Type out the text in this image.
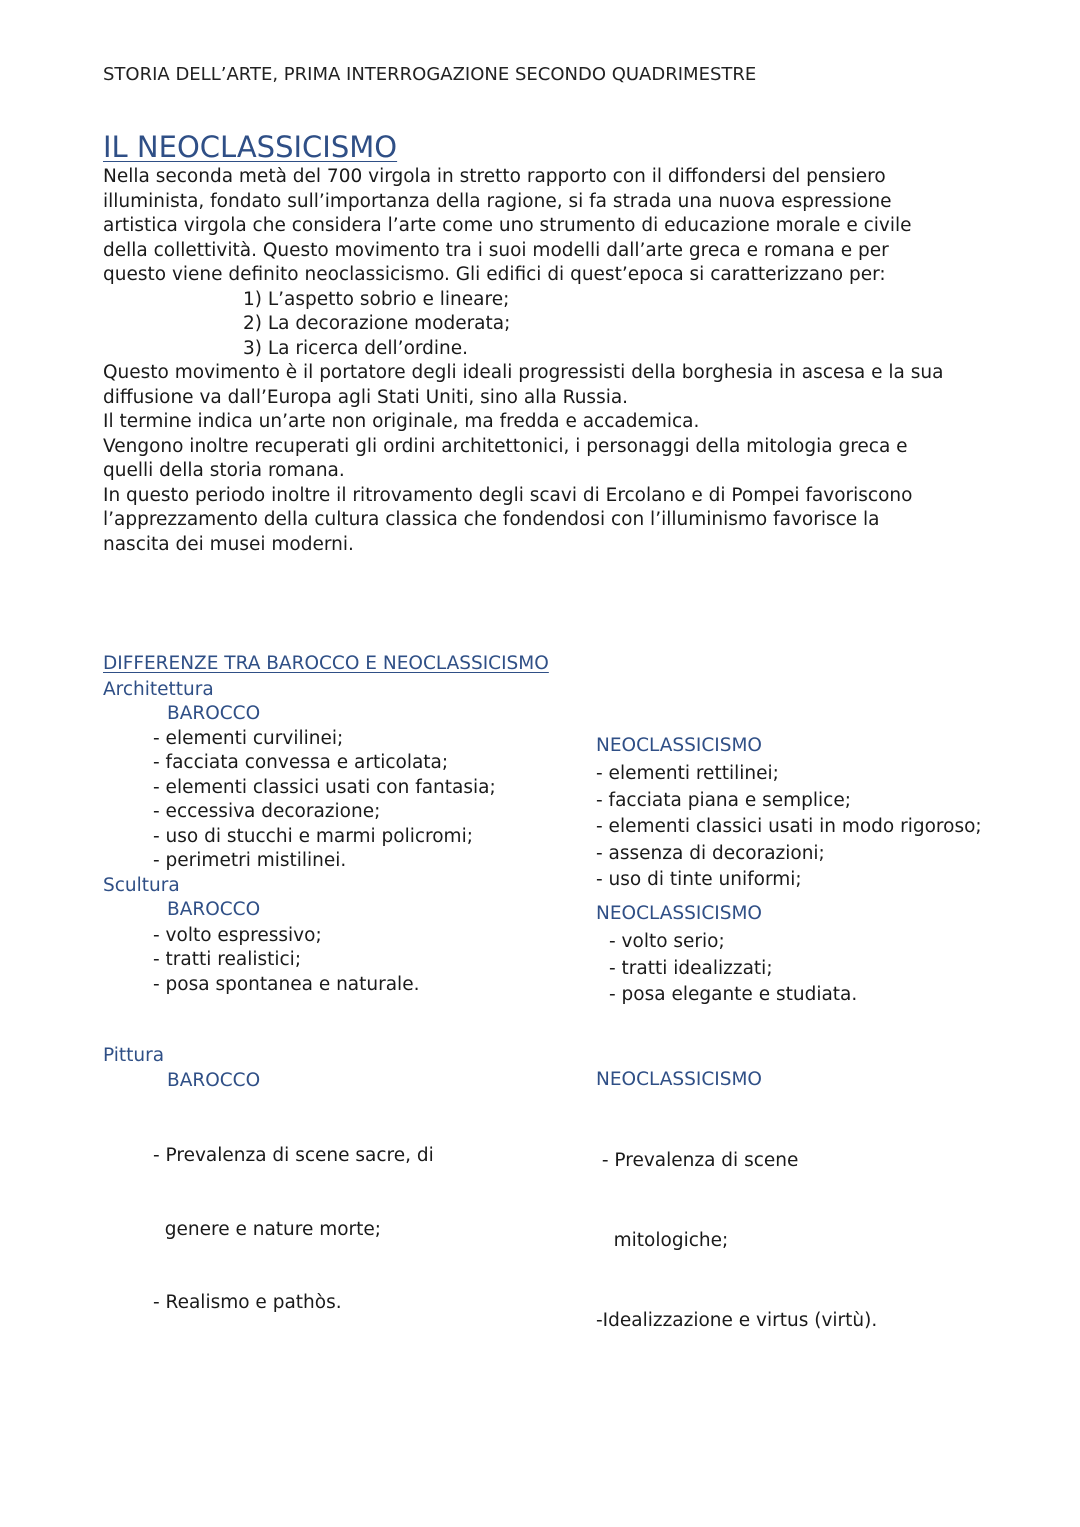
STORIA DELL’ARTE, PRIMA INTERROGAZIONE SECONDO QUADRIMESTRE
IL NEOCLASSICISMO
Nella seconda metà del 700 virgola in stretto rapporto con il diffondersi del pensiero
illuminista, fondato sull’importanza della ragione, si fa strada una nuova espressione
artistica virgola che considera l’arte come uno strumento di educazione morale e civile
della collettività. Questo movimento tra i suoi modelli dall’arte greca e romana e per
questo viene definito neoclassicismo. Gli edifici di quest’epoca si caratterizzano per:
1) L’aspetto sobrio e lineare;
2) La decorazione moderata;
3) La ricerca dell’ordine.
Questo movimento è il portatore degli ideali progressisti della borghesia in ascesa e la sua
diffusione va dall’Europa agli Stati Uniti, sino alla Russia.
Il termine indica un’arte non originale, ma fredda e accademica.
Vengono inoltre recuperati gli ordini architettonici, i personaggi della mitologia greca e
quelli della storia romana.
In questo periodo inoltre il ritrovamento degli scavi di Ercolano e di Pompei favoriscono
l’apprezzamento della cultura classica che fondendosi con l’illuminismo favorisce la
nascita dei musei moderni.
DIFFERENZE TRA BAROCCO E NEOCLASSICISMO
Architettura
BAROCCO
- elementi curvilinei;
- facciata convessa e articolata;
- elementi classici usati con fantasia;
- eccessiva decorazione;
- uso di stucchi e marmi policromi;
- perimetri mistilinei.
NEOCLASSICISMO
- elementi rettilinei;
- facciata piana e semplice;
- elementi classici usati in modo rigoroso;
- assenza di decorazioni;
- uso di tinte uniformi;
Scultura
BAROCCO
- volto espressivo;
- tratti realistici;
- posa spontanea e naturale.
NEOCLASSICISMO
- volto serio;
- tratti idealizzati;
- posa elegante e studiata.
Pittura
BAROCCO

- Prevalenza di scene sacre, di

genere e nature morte;

- Realismo e pathòs.

NEOCLASSICISMO

- Prevalenza di scene

mitologiche;

-Idealizzazione e virtus (virtù).
